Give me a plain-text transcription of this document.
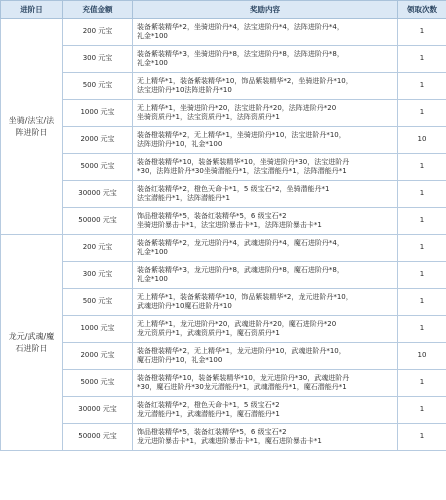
进阶日	充值金额	奖励内容	领取次数
坐骑/法宝/法阵进阶日	200 元宝	装备紫装精华*2，坐骑进阶丹*4，法宝进阶丹*4，法阵进阶丹*4，
礼金*100	1
	300 元宝	装备紫装精华*3，坐骑进阶丹*8，法宝进阶丹*8，法阵进阶丹*8，
礼金*100	1
	500 元宝	无上精华*1，装备紫装精华*10，饰品紫装精华*2，坐骑进阶丹*10，
法宝进阶丹*10法阵进阶丹*10	1
	1000 元宝	无上精华*1，坐骑进阶丹*20，法宝进阶丹*20，法阵进阶丹*20
坐骑资质丹*1，法宝资质丹*1，法阵资质丹*1	1
	2000 元宝	装备橙装精华*2，无上精华*1，坐骑进阶丹*10，法宝进阶丹*10，
法阵进阶丹*10，礼金*100	10
	5000 元宝	装备橙装精华*10，装备紫装精华*10，坐骑进阶丹*30，法宝进阶丹
*30，法阵进阶丹*30坐骑潜能丹*1，法宝潜能丹*1，法阵潜能丹*1	1
	30000 元宝	装备红装精华*2，橙色天命卡*1，5 级宝石*2，坐骑潜能丹*1
法宝潜能丹*1，法阵潜能丹*1	1
	50000 元宝	饰品橙装精华*5，装备红装精华*5，6 级宝石*2
坐骑进阶暴击卡*1，法宝进阶暴击卡*1，法阵进阶暴击卡*1	1
龙元/武魂/魔石进阶日	200 元宝	装备紫装精华*2，龙元进阶丹*4，武魂进阶丹*4，魔石进阶丹*4，
礼金*100	1
	300 元宝	装备紫装精华*3，龙元进阶丹*8，武魂进阶丹*8，魔石进阶丹*8，
礼金*100	1
	500 元宝	无上精华*1，装备紫装精华*10，饰品紫装精华*2，龙元进阶丹*10，
武魂进阶丹*10魔石进阶丹*10	1
	1000 元宝	无上精华*1，龙元进阶丹*20，武魂进阶丹*20，魔石进阶丹*20
龙元资质丹*1，武魂资质丹*1，魔石资质丹*1	1
	2000 元宝	装备橙装精华*2，无上精华*1，龙元进阶丹*10，武魂进阶丹*10，
魔石进阶丹*10，礼金*100	10
	5000 元宝	装备橙装精华*10，装备紫装精华*10，龙元进阶丹*30，武魂进阶丹
*30，魔石进阶丹*30龙元潜能丹*1，武魂潜能丹*1，魔石潜能丹*1	1
	30000 元宝	装备红装精华*2，橙色天命卡*1，5 级宝石*2
龙元潜能丹*1，武魂潜能丹*1，魔石潜能丹*1	1
	50000 元宝	饰品橙装精华*5，装备红装精华*5，6 级宝石*2
龙元进阶暴击卡*1，武魂进阶暴击卡*1，魔石进阶暴击卡*1	1
